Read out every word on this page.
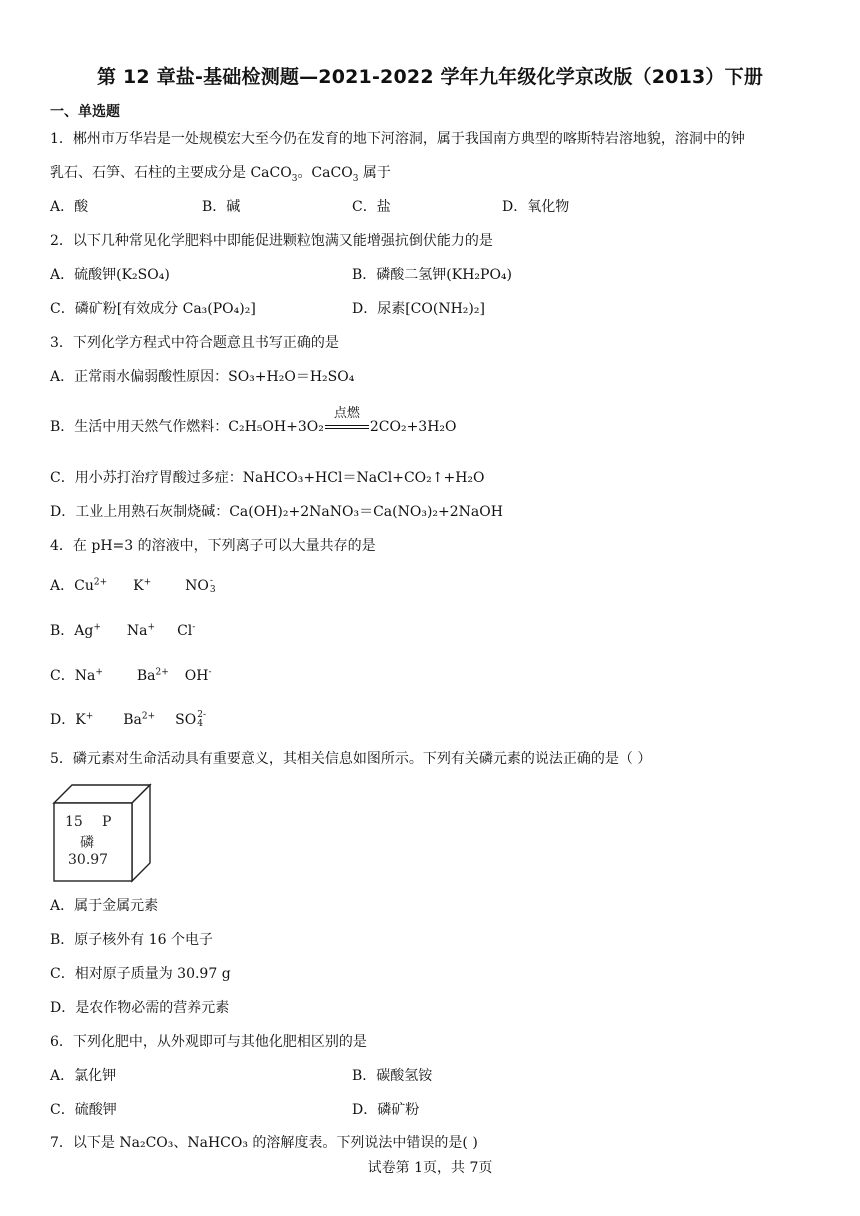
第 12 章盐-基础检测题—2021-2022 学年九年级化学京改版（2013）下册
一、单选题
1．郴州市万华岩是一处规模宏大至今仍在发育的地下河溶洞，属于我国南方典型的喀斯特岩溶地貌，溶洞中的钟
乳石、石笋、石柱的主要成分是 CaCO$_3$。CaCO$_3$ 属于
A．酸	B．碱	C．盐	D．氧化物
2．以下几种常见化学肥料中即能促进颗粒饱满又能增强抗倒伏能力的是
A．硫酸钾(K₂SO₄)	B．磷酸二氢钾(KH₂PO₄)
C．磷矿粉[有效成分 Ca₃(PO₄)₂]	D．尿素[CO(NH₂)₂]
3．下列化学方程式中符合题意且书写正确的是
A．正常雨水偏弱酸性原因：SO₃+H₂O＝H₂SO₄
B．生活中用天然气作燃料：C₂H₅OH+3O₂
点燃
2CO₂+3H₂O
C．用小苏打治疗胃酸过多症：NaHCO₃+HCl＝NaCl+CO₂↑+H₂O
D．工业上用熟石灰制烧碱：Ca(OH)₂+2NaNO₃＝Ca(NO₃)₂+2NaOH
4．在 pH=3 的溶液中，下列离子可以大量共存的是
A．$Cu^{2+}$ K+ NO -
3
B．Ag+ Na+ Cl-
C．Na+ $Ba^{2+}$ OH-
D．K+ $Ba^{2+}$ SO 2-
4
5．磷元素对生命活动具有重要意义，其相关信息如图所示。下列有关磷元素的说法正确的是（ ）
15 P
磷
30.97
A．属于金属元素
B．原子核外有 16 个电子
C．相对原子质量为 30.97 g
D．是农作物必需的营养元素
6．下列化肥中，从外观即可与其他化肥相区别的是
A．氯化钾	B．碳酸氢铵
C．硫酸钾	D．磷矿粉
7．以下是 Na₂CO₃、NaHCO₃ 的溶解度表。下列说法中错误的是( )
试卷第 1页，共 7页
